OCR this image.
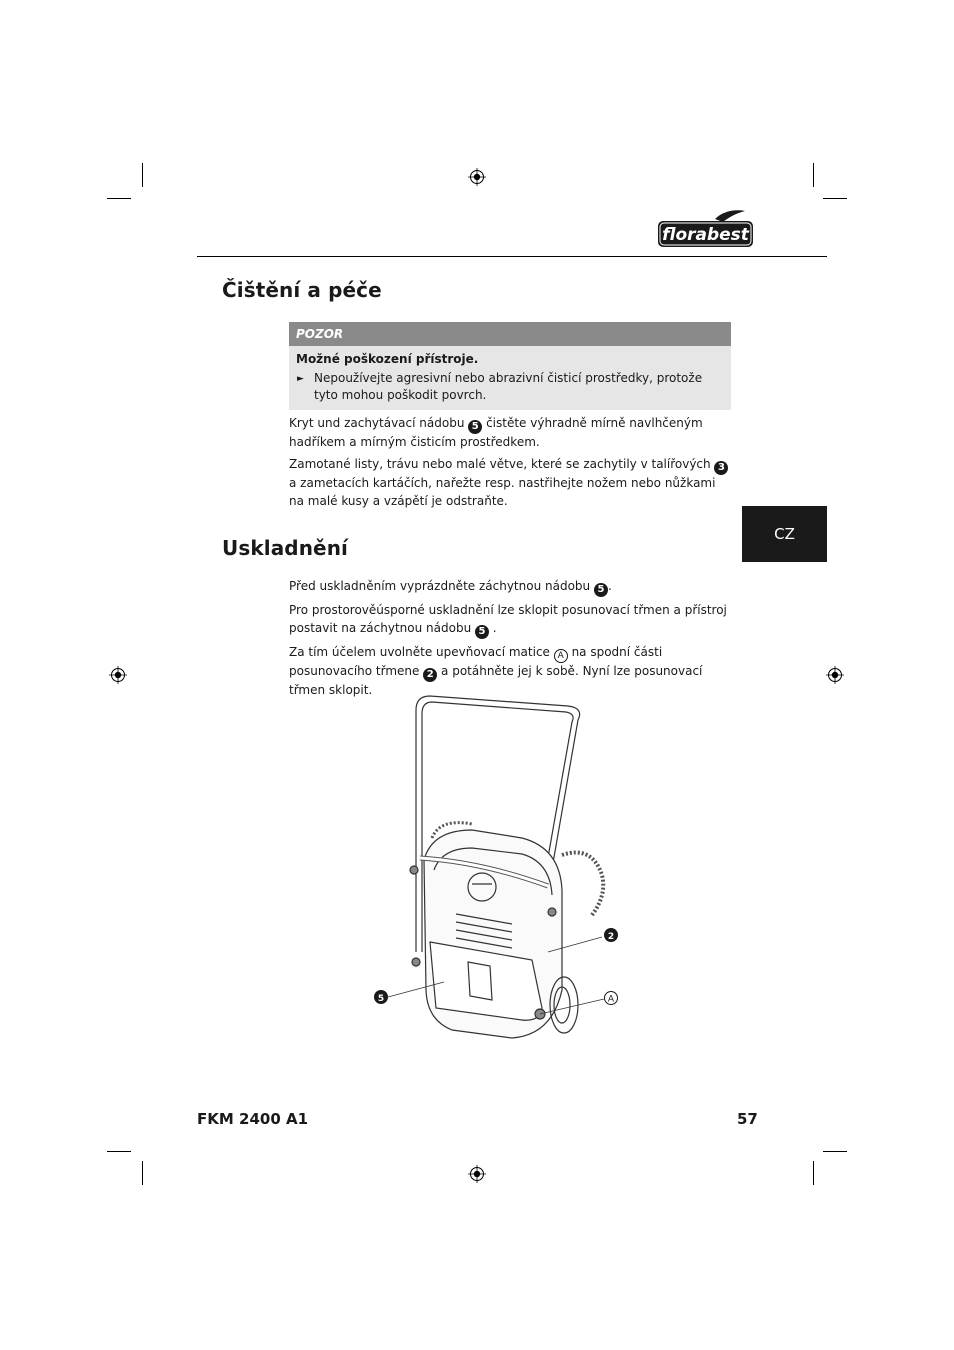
florabest
Čištění a péče
POZOR
Možné poškození přístroje.
► Nepoužívejte agresivní nebo abrazivní čisticí prostředky, protože tyto mohou poškodit povrch.

Kryt und zachytávací nádobu 5 čistěte výhradně mírně navlhčeným hadříkem a mírným čisticím prostředkem.

Zamotané listy, trávu nebo malé větve, které se zachytily v talířových 3 a zametacích kartáčích, nařežte resp. nastřihejte nožem nebo nůžkami na malé kusy a vzápětí je odstraňte.

CZ
Uskladnění

Před uskladněním vyprázdněte záchytnou nádobu 5 .

Pro prostorověúsporné uskladnění lze sklopit posunovací třmen a přístroj postavit na záchytnou nádobu 5 .

Za tím účelem uvolněte upevňovací matice A na spodní části posunovacího třmene 2 a potáhněte jej k sobě. Nyní lze posunovací třmen sklopit.

2
5	A
FKM 2400 A1	57
